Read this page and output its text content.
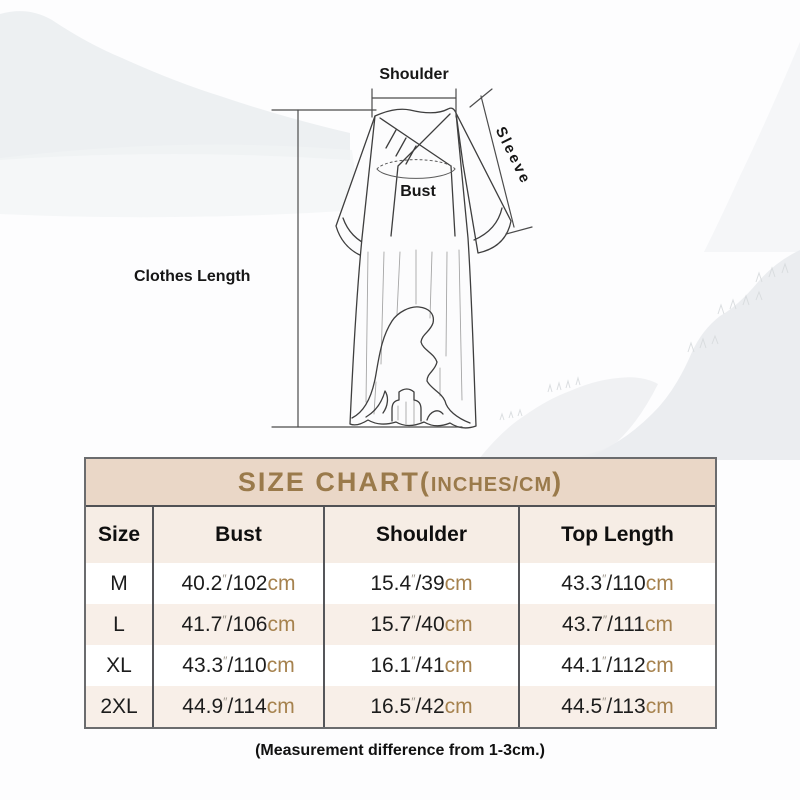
Shoulder
Clothes Length
Bust
Sleeve
SIZE CHART(INCHES/CM)
Size	Bust	Shoulder	Top Length
M	40.2″/102cm	15.4″/39cm	43.3″/110cm
L	41.7″/106cm	15.7″/40cm	43.7″/111cm
XL	43.3″/110cm	16.1″/41cm	44.1″/112cm
2XL	44.9″/114cm	16.5″/42cm	44.5″/113cm
(Measurement difference from 1-3cm.)
